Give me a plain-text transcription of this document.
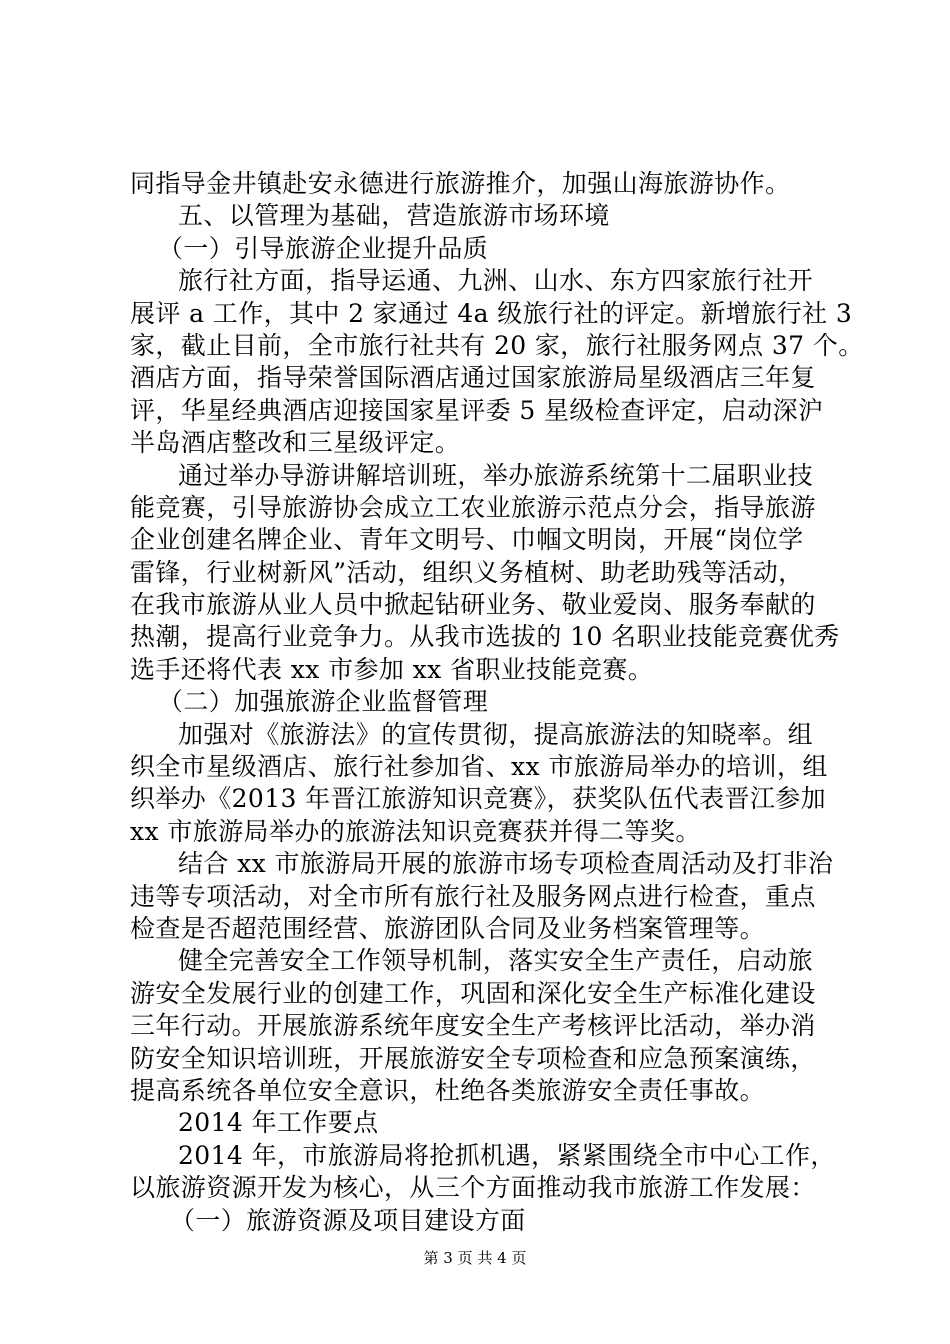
同指导金井镇赴安永德进行旅游推介，加强山海旅游协作。
五、以管理为基础，营造旅游市场环境
（一）引导旅游企业提升品质
旅行社方面，指导运通、九洲、山水、东方四家旅行社开
展评 a 工作，其中 2 家通过 4a 级旅行社的评定。新增旅行社 3
家，截止目前，全市旅行社共有 20 家，旅行社服务网点 37 个。
酒店方面，指导荣誉国际酒店通过国家旅游局星级酒店三年复
评，华星经典酒店迎接国家星评委 5 星级检查评定，启动深沪
半岛酒店整改和三星级评定。
通过举办导游讲解培训班，举办旅游系统第十二届职业技
能竞赛，引导旅游协会成立工农业旅游示范点分会，指导旅游
企业创建名牌企业、青年文明号、巾帼文明岗，开展“岗位学
雷锋，行业树新风”活动，组织义务植树、助老助残等活动，
在我市旅游从业人员中掀起钻研业务、敬业爱岗、服务奉献的
热潮，提高行业竞争力。从我市选拔的 10 名职业技能竞赛优秀
选手还将代表 xx 市参加 xx 省职业技能竞赛。
（二）加强旅游企业监督管理
加强对《旅游法》的宣传贯彻，提高旅游法的知晓率。组
织全市星级酒店、旅行社参加省、xx 市旅游局举办的培训，组
织举办《2013 年晋江旅游知识竞赛》，获奖队伍代表晋江参加
xx 市旅游局举办的旅游法知识竞赛获并得二等奖。
结合 xx 市旅游局开展的旅游市场专项检查周活动及打非治
违等专项活动，对全市所有旅行社及服务网点进行检查，重点
检查是否超范围经营、旅游团队合同及业务档案管理等。
健全完善安全工作领导机制，落实安全生产责任，启动旅
游安全发展行业的创建工作，巩固和深化安全生产标准化建设
三年行动。开展旅游系统年度安全生产考核评比活动，举办消
防安全知识培训班，开展旅游安全专项检查和应急预案演练，
提高系统各单位安全意识，杜绝各类旅游安全责任事故。
2014 年工作要点
2014 年，市旅游局将抢抓机遇，紧紧围绕全市中心工作，
以旅游资源开发为核心，从三个方面推动我市旅游工作发展：
（一）旅游资源及项目建设方面
第 3 页 共 4 页
